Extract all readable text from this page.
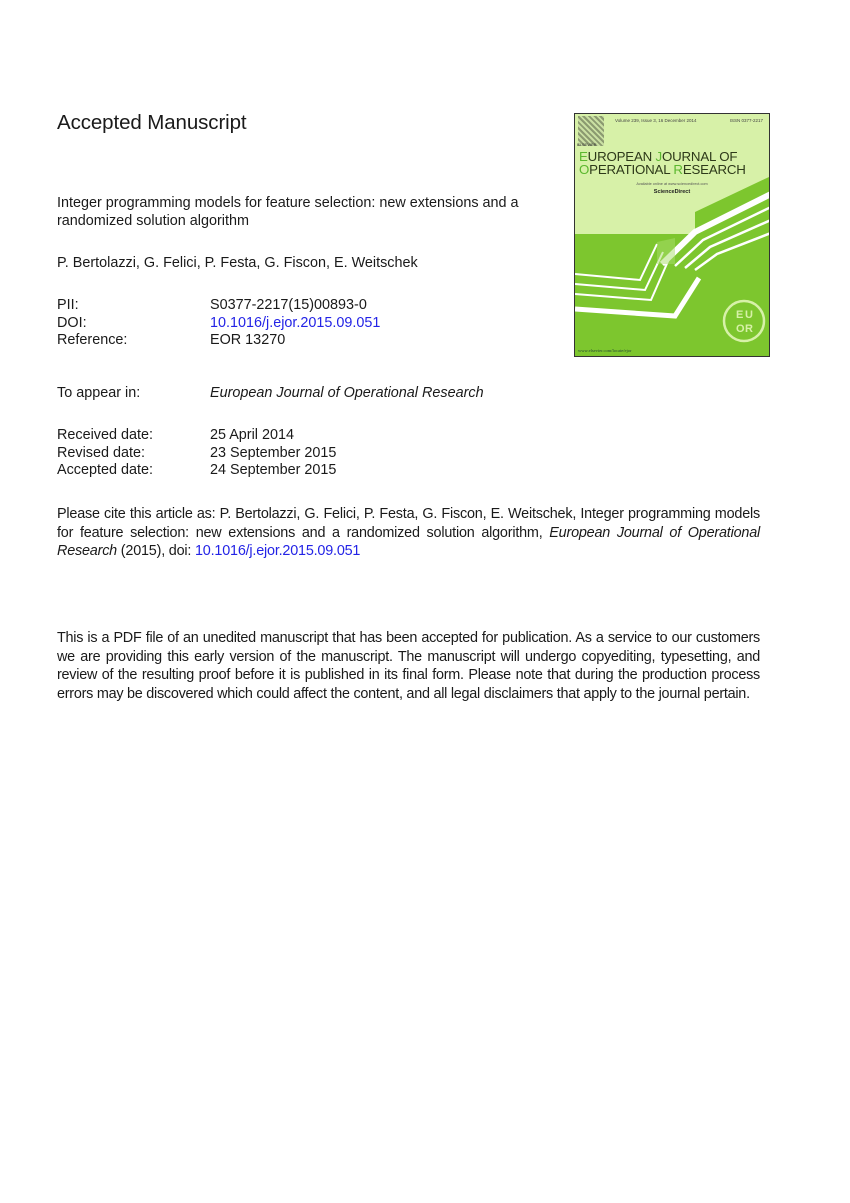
Accepted Manuscript
Integer programming models for feature selection: new extensions and a randomized solution algorithm
P. Bertolazzi, G. Felici, P. Festa, G. Fiscon, E. Weitschek
PII:	S0377-2217(15)00893-0
DOI:	10.1016/j.ejor.2015.09.051
Reference:	EOR 13270
To appear in:	European Journal of Operational Research
Received date:	25 April 2014
Revised date:	23 September 2015
Accepted date:	24 September 2015
Please cite this article as: P. Bertolazzi, G. Felici, P. Festa, G. Fiscon, E. Weitschek, Integer programming models for feature selection: new extensions and a randomized solution algorithm, European Journal of Operational Research (2015), doi: 10.1016/j.ejor.2015.09.051
This is a PDF file of an unedited manuscript that has been accepted for publication. As a service to our customers we are providing this early version of the manuscript. The manuscript will undergo copyediting, typesetting, and review of the resulting proof before it is published in its final form. Please note that during the production process errors may be discovered which could affect the content, and all legal disclaimers that apply to the journal pertain.
E U
O R
ELSEVIER
Volume 239, Issue 3, 16 December 2014	ISSN 0377-2217
EUROPEAN JOURNAL OF
OPERATIONAL RESEARCH
Available online at www.sciencedirect.com
ScienceDirect
www.elsevier.com/locate/ejor
